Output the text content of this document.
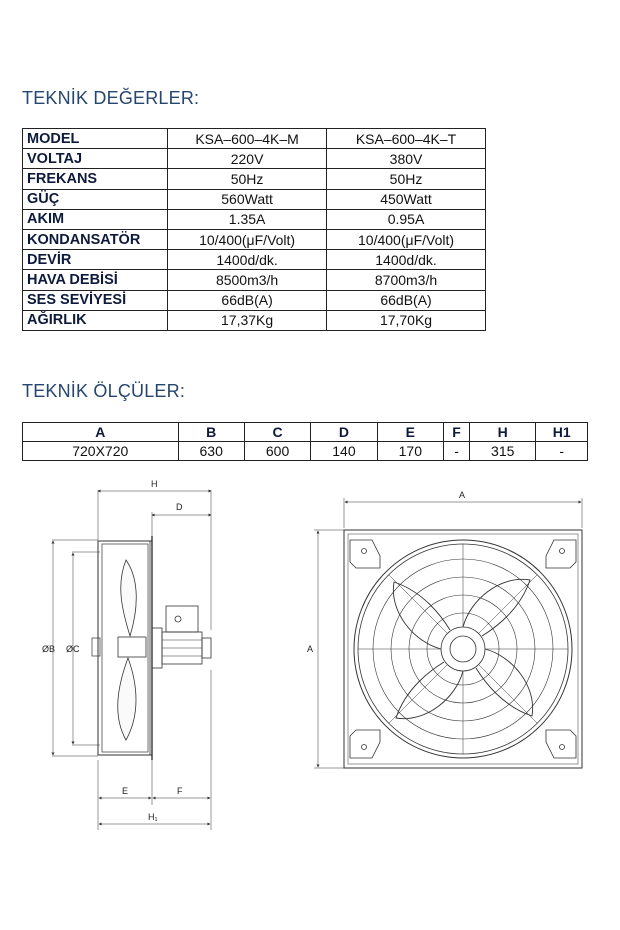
TEKNİK DEĞERLER:
MODEL	KSA–600–4K–M	KSA–600–4K–T
VOLTAJ	220V	380V
FREKANS	50Hz	50Hz
GÜÇ	560Watt	450Watt
AKIM	1.35A	0.95A
KONDANSATÖR	10/400(μF/Volt)	10/400(μF/Volt)
DEVİR	1400d/dk.	1400d/dk.
HAVA DEBİSİ	8500m3/h	8700m3/h
SES SEVİYESİ	66dB(A)	66dB(A)
AĞIRLIK	17,37Kg	17,70Kg
TEKNİK ÖLÇÜLER:
A	B	C	D	E	F	H	H1
720X720	630	600	140	170	-	315	-
H
D
ØB ØC
E	F
H₁
A
A
